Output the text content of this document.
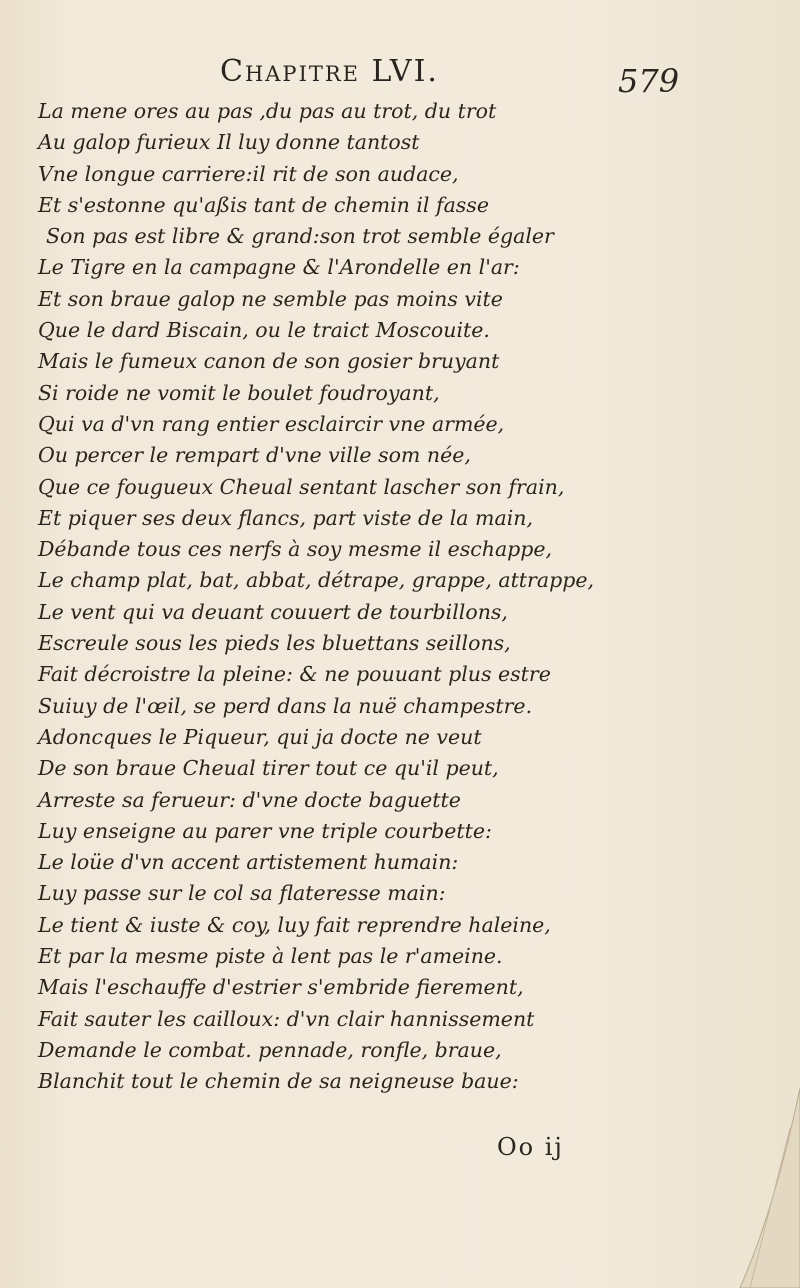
Chapitre LVI.	579
La mene ores au pas ,du pas au trot, du trot
Au galop furieux Il luy donne tantost
Vne longue carriere:il rit de son audace,
Et s'estonne qu'aßis tant de chemin il fasse
Son pas est libre & grand:son trot semble égaler
Le Tigre en la campagne & l'Arondelle en l'ar:
Et son braue galop ne semble pas moins vite
Que le dard Biscain, ou le traict Moscouite.
Mais le fumeux canon de son gosier bruyant
Si roide ne vomit le boulet foudroyant,
Qui va d'vn rang entier esclaircir vne armée,
Ou percer le rempart d'vne ville som née,
Que ce fougueux Cheual sentant lascher son frain,
Et piquer ses deux flancs, part viste de la main,
Débande tous ces nerfs à soy mesme il eschappe,
Le champ plat, bat, abbat, détrape, grappe, attrappe,
Le vent qui va deuant couuert de tourbillons,
Escreule sous les pieds les bluettans seillons,
Fait décroistre la pleine: & ne pouuant plus estre
Suiuy de l'œil, se perd dans la nuë champestre.
Adoncques le Piqueur, qui ja docte ne veut
De son braue Cheual tirer tout ce qu'il peut,
Arreste sa ferueur: d'vne docte baguette
Luy enseigne au parer vne triple courbette:
Le loüe d'vn accent artistement humain:
Luy passe sur le col sa flateresse main:
Le tient & iuste & coy, luy fait reprendre haleine,
Et par la mesme piste à lent pas le r'ameine.
Mais l'eschauffe d'estrier s'embride fierement,
Fait sauter les cailloux: d'vn clair hannissement
Demande le combat. pennade, ronfle, braue,
Blanchit tout le chemin de sa neigneuse baue:
Oo ij
